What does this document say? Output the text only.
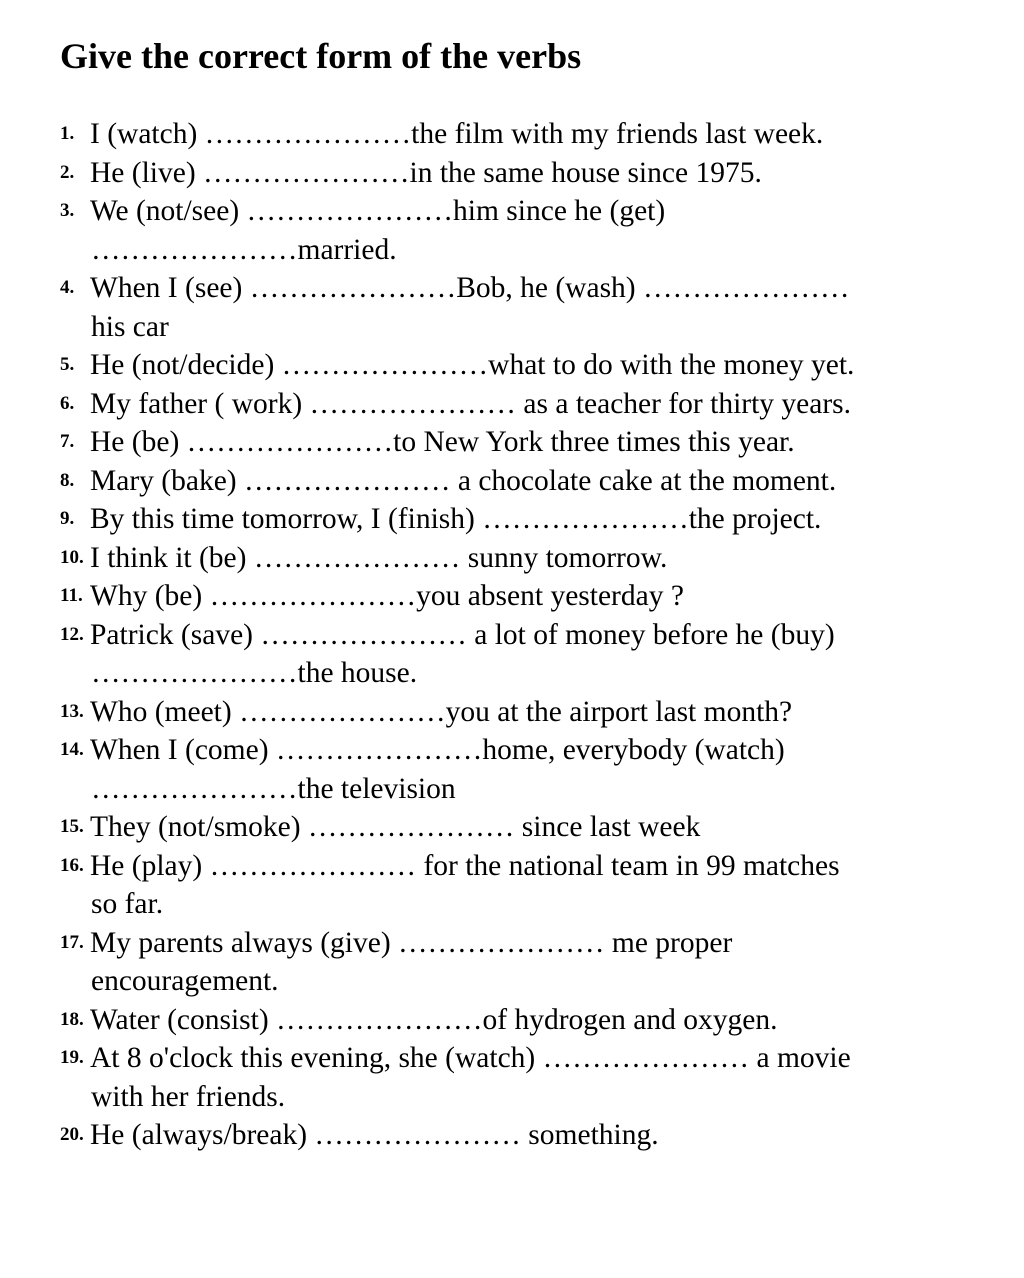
Give the correct form of the verbs
1. I (watch) …………………the film with my friends last week.
2. He (live) …………………in the same house since 1975.
3. We (not/see) …………………him since he (get)
…………………married.
4. When I (see) …………………Bob, he (wash) …………………
his car
5. He (not/decide) …………………what to do with the money yet.
6. My father ( work) ………………… as a teacher for thirty years.
7. He (be) …………………to New York three times this year.
8. Mary (bake) ………………… a chocolate cake at the moment.
9. By this time tomorrow, I (finish) …………………the project.
10. I think it (be) ………………… sunny tomorrow.
11. Why (be) …………………you absent yesterday ?
12. Patrick (save) ………………… a lot of money before he (buy)
…………………the house.
13. Who (meet) …………………you at the airport last month?
14. When I (come) …………………home, everybody (watch)
…………………the television
15. They (not/smoke) ………………… since last week
16. He (play) ………………… for the national team in 99 matches
so far.
17. My parents always (give) ………………… me proper
encouragement.
18. Water (consist) …………………of hydrogen and oxygen.
19. At 8 o'clock this evening, she (watch) ………………… a movie
with her friends.
20. He (always/break) ………………… something.
